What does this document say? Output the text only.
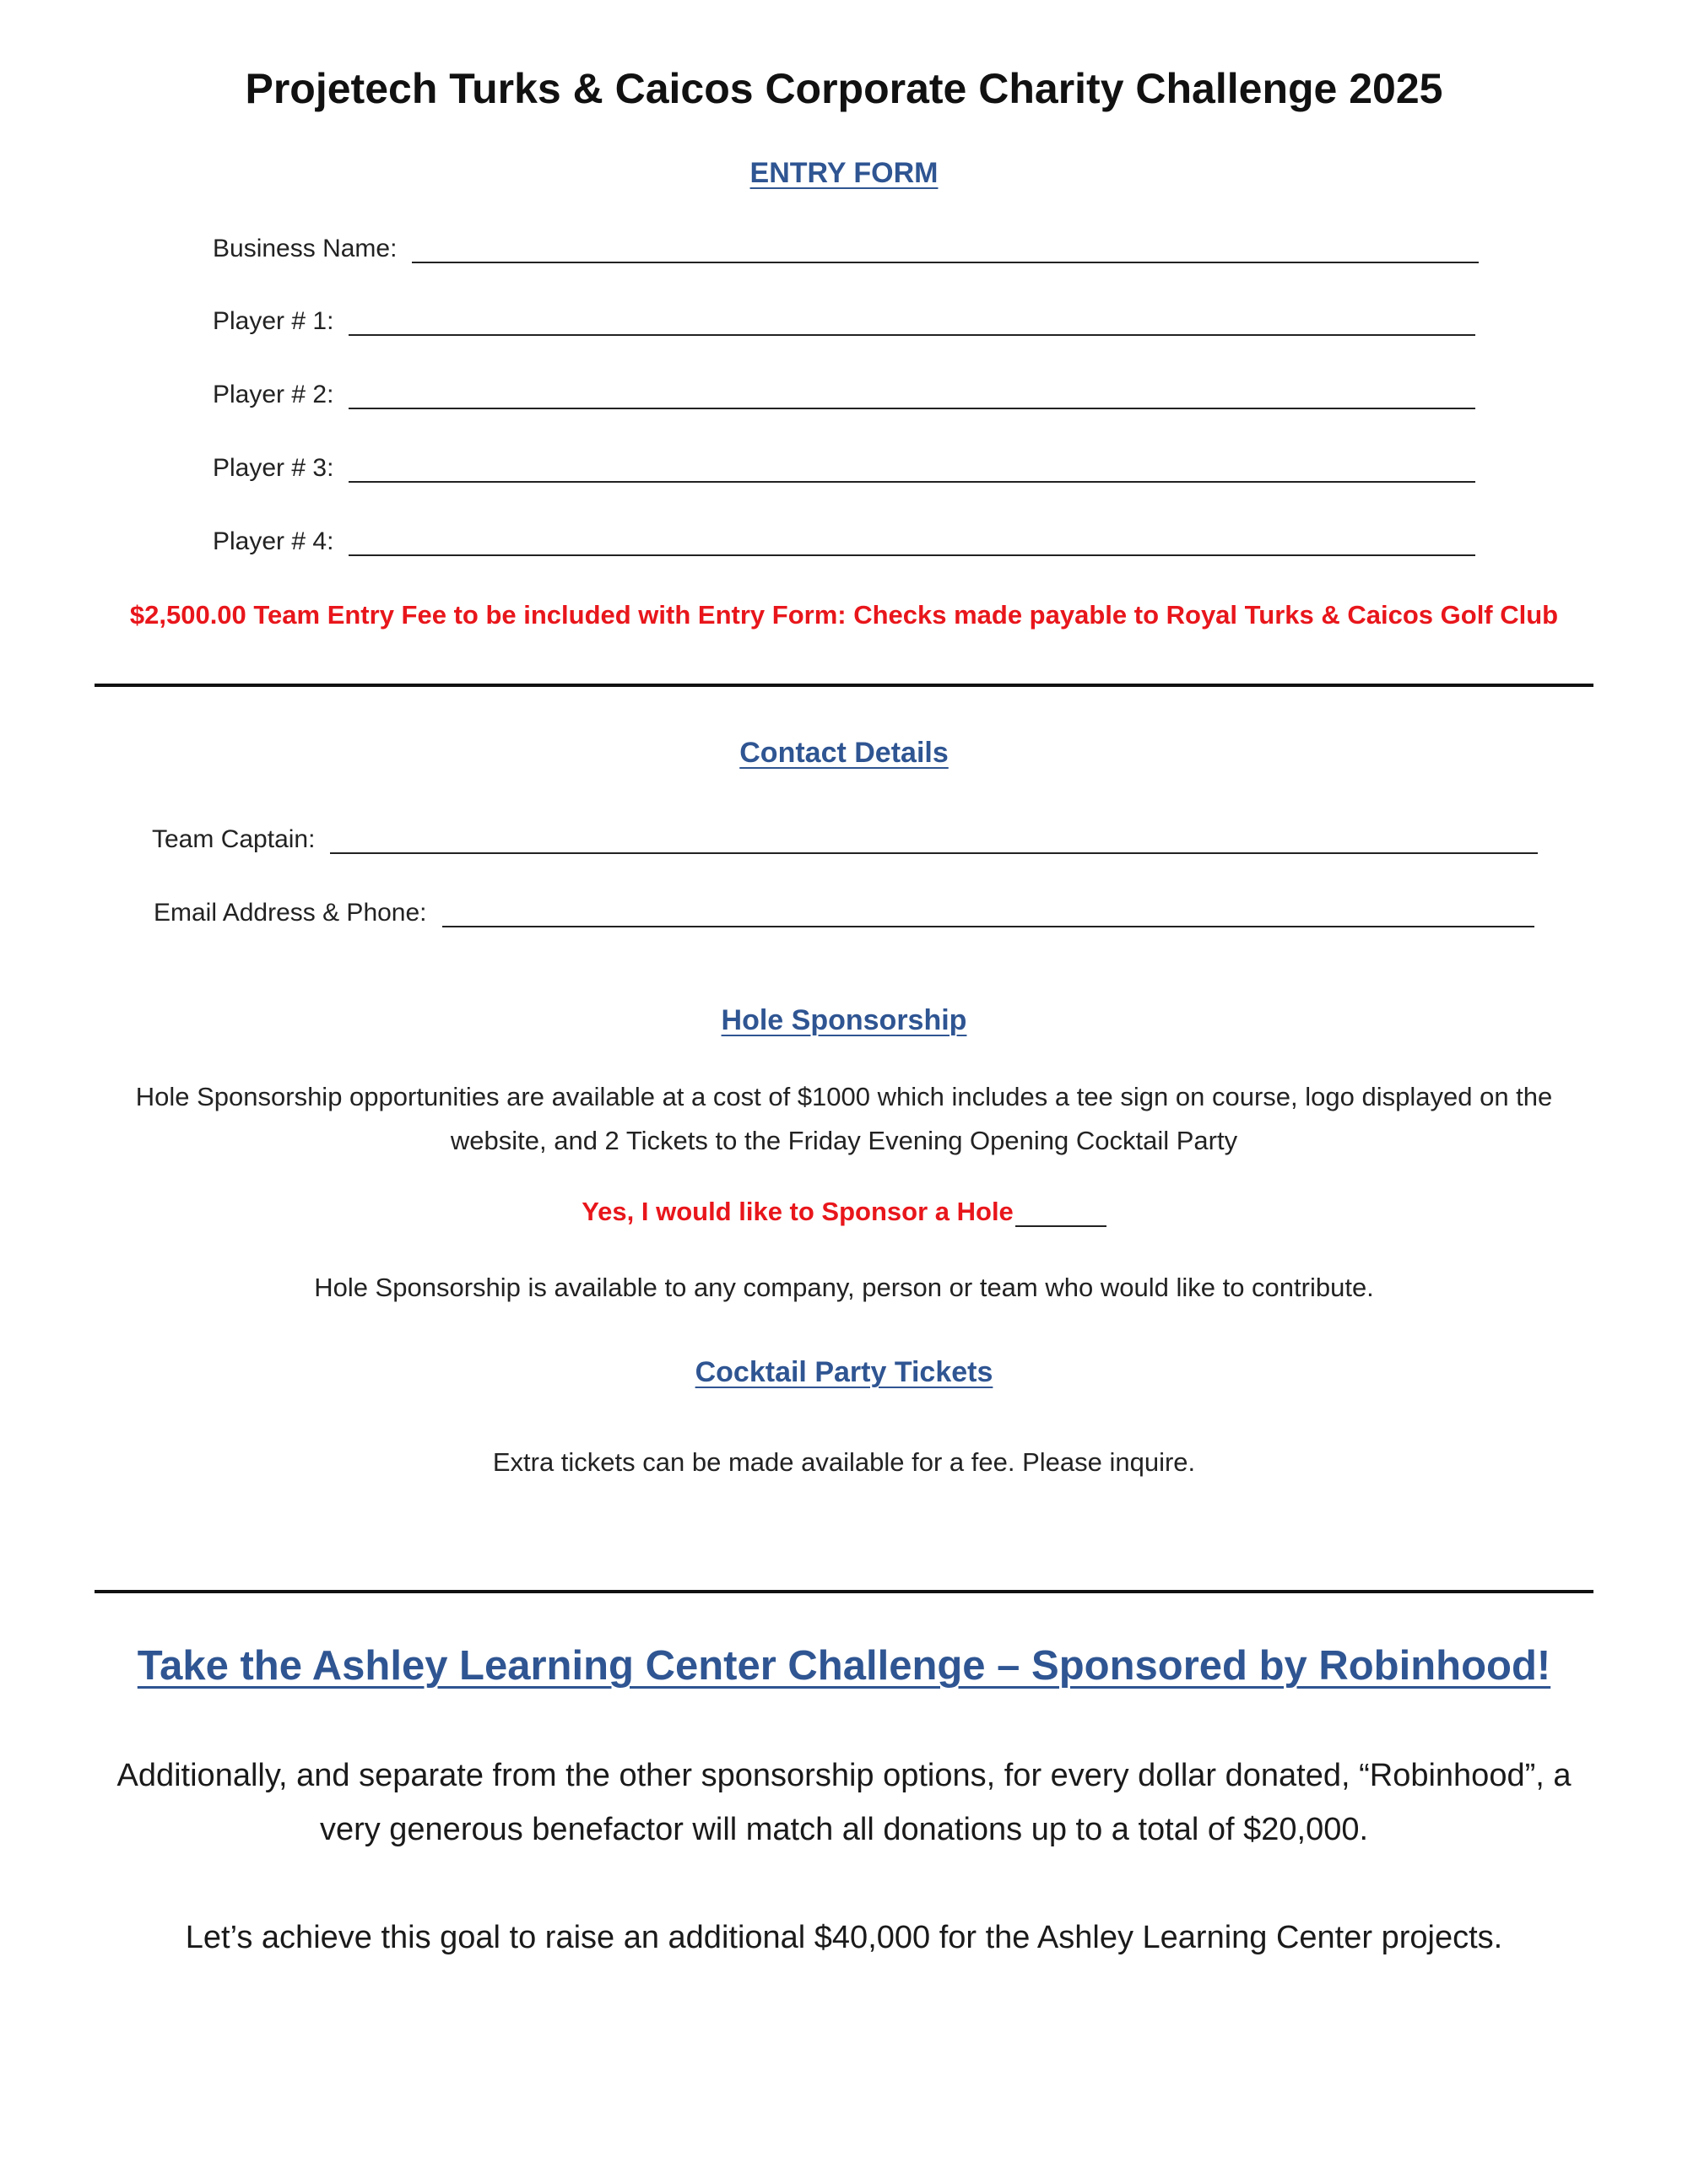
Projetech Turks & Caicos Corporate Charity Challenge 2025
ENTRY FORM
Business Name:
Player # 1:
Player # 2:
Player # 3:
Player # 4:
$2,500.00 Team Entry Fee to be included with Entry Form: Checks made payable to Royal Turks & Caicos Golf Club
Contact Details
Team Captain:
Email Address & Phone:
Hole Sponsorship
Hole Sponsorship opportunities are available at a cost of $1000 which includes a tee sign on course, logo displayed on the website, and 2 Tickets to the Friday Evening Opening Cocktail Party
Yes, I would like to Sponsor a Hole
Hole Sponsorship is available to any company, person or team who would like to contribute.
Cocktail Party Tickets
Extra tickets can be made available for a fee. Please inquire.
Take the Ashley Learning Center Challenge – Sponsored by Robinhood!
Additionally, and separate from the other sponsorship options, for every dollar donated, “Robinhood”, a very generous benefactor will match all donations up to a total of $20,000.
Let’s achieve this goal to raise an additional $40,000 for the Ashley Learning Center projects.
